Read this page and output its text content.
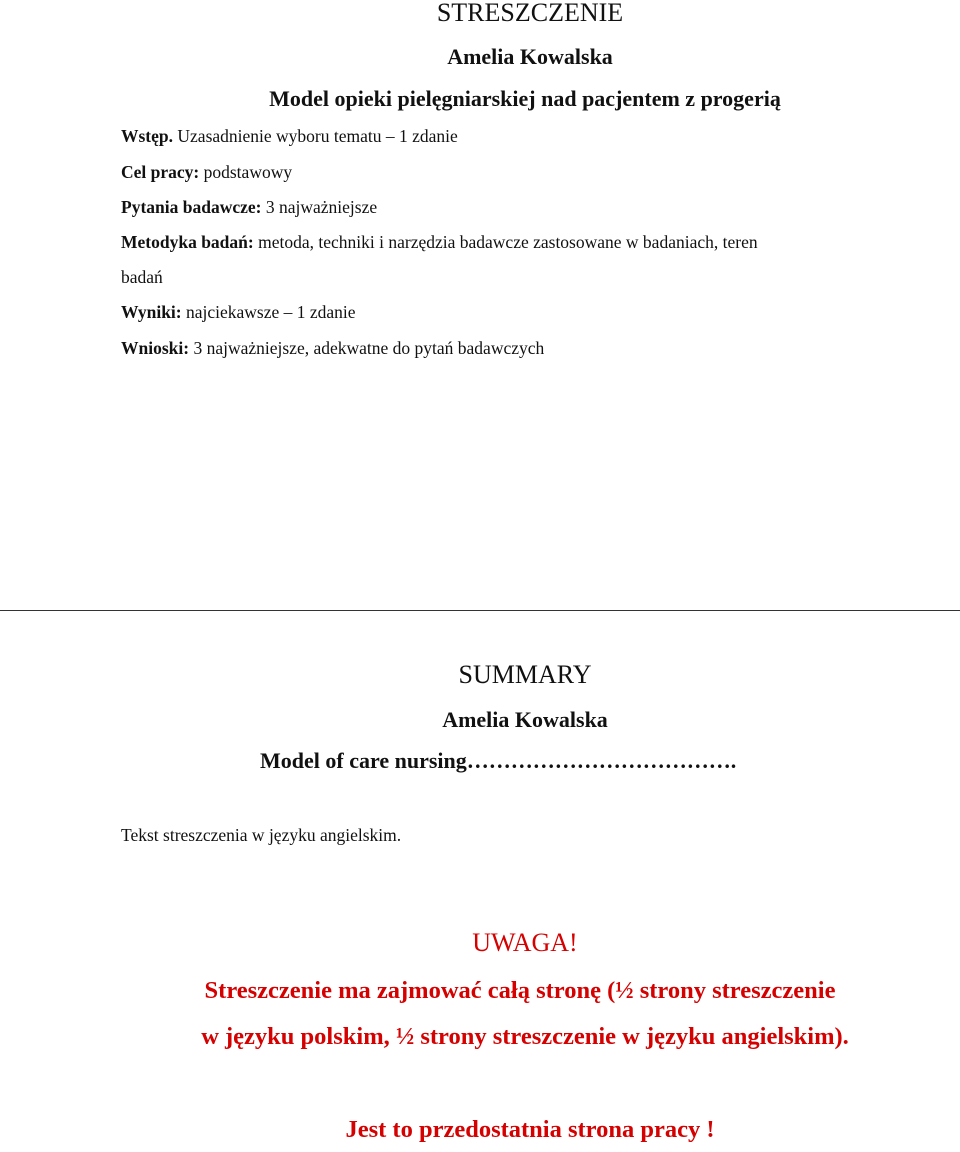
STRESZCZENIE
Amelia Kowalska
Model opieki pielęgniarskiej nad pacjentem z progerią
Wstęp. Uzasadnienie wyboru tematu – 1 zdanie
Cel pracy: podstawowy
Pytania badawcze: 3 najważniejsze
Metodyka badań: metoda, techniki i narzędzia badawcze zastosowane w badaniach, teren
badań
Wyniki: najciekawsze – 1 zdanie
Wnioski: 3 najważniejsze, adekwatne do pytań badawczych
SUMMARY
Amelia Kowalska
Model of care nursing……………………………….
Tekst streszczenia w języku angielskim.
UWAGA!
Streszczenie ma zajmować całą stronę (½ strony streszczenie
w języku polskim, ½ strony streszczenie w języku angielskim).
Jest to przedostatnia strona pracy !
